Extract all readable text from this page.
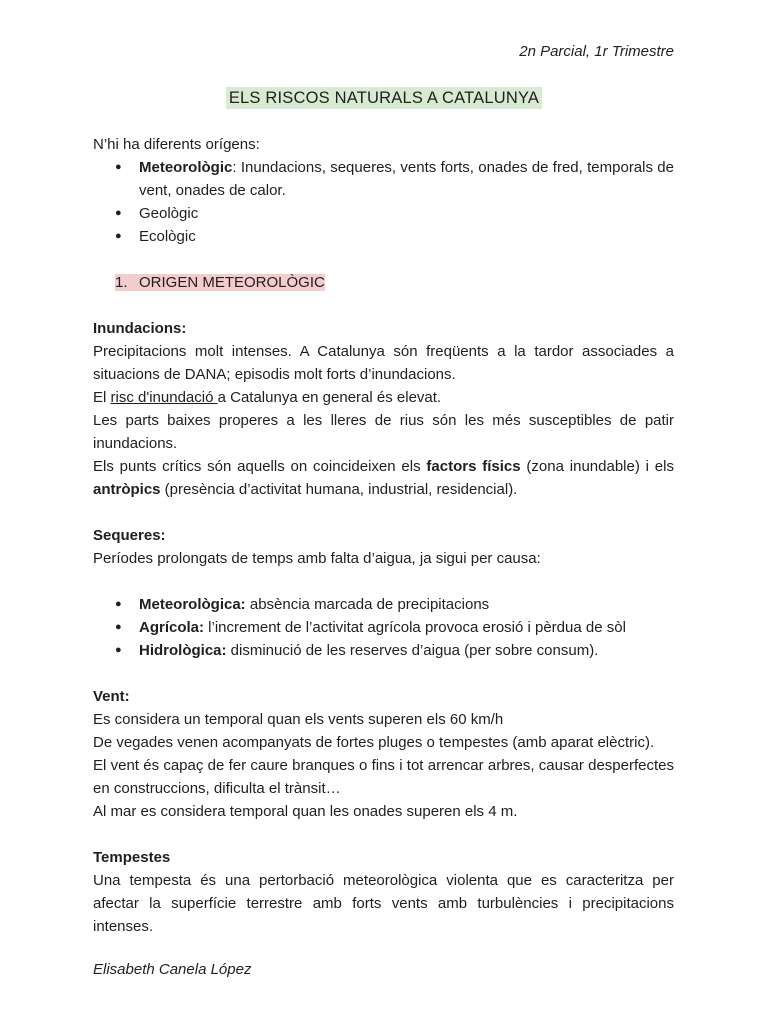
2n Parcial, 1r Trimestre
ELS RISCOS NATURALS A CATALUNYA

N’hi ha diferents orígens:

● Meteorològic: Inundacions, sequeres, vents forts, onades de fred, temporals de vent, onades de calor.
● Geològic
● Ecològic

1. ORIGEN METEOROLÒGIC

Inundacions:

Precipitacions molt intenses. A Catalunya són freqüents a la tardor associades a situacions de DANA; episodis molt forts d’inundacions.

El risc d'inundació a Catalunya en general és elevat.

Les parts baixes properes a les lleres de rius són les més susceptibles de patir inundacions.

Els punts crítics són aquells on coincideixen els factors físics (zona inundable) i els antròpics (presència d’activitat humana, industrial, residencial).

Sequeres:

Períodes prolongats de temps amb falta d’aigua, ja sigui per causa:

● Meteorològica: absència marcada de precipitacions
● Agrícola: l’increment de l’activitat agrícola provoca erosió i pèrdua de sòl
● Hidrològica: disminució de les reserves d’aigua (per sobre consum).

Vent:

Es considera un temporal quan els vents superen els 60 km/h

De vegades venen acompanyats de fortes pluges o tempestes (amb aparat elèctric).

El vent és capaç de fer caure branques o fins i tot arrencar arbres, causar desperfectes en construccions, dificulta el trànsit…

Al mar es considera temporal quan les onades superen els 4 m.

Tempestes

Una tempesta és una pertorbació meteorològica violenta que es caracteritza per afectar la superfície terrestre amb forts vents amb turbulències i precipitacions intenses.

Elisabeth Canela López
